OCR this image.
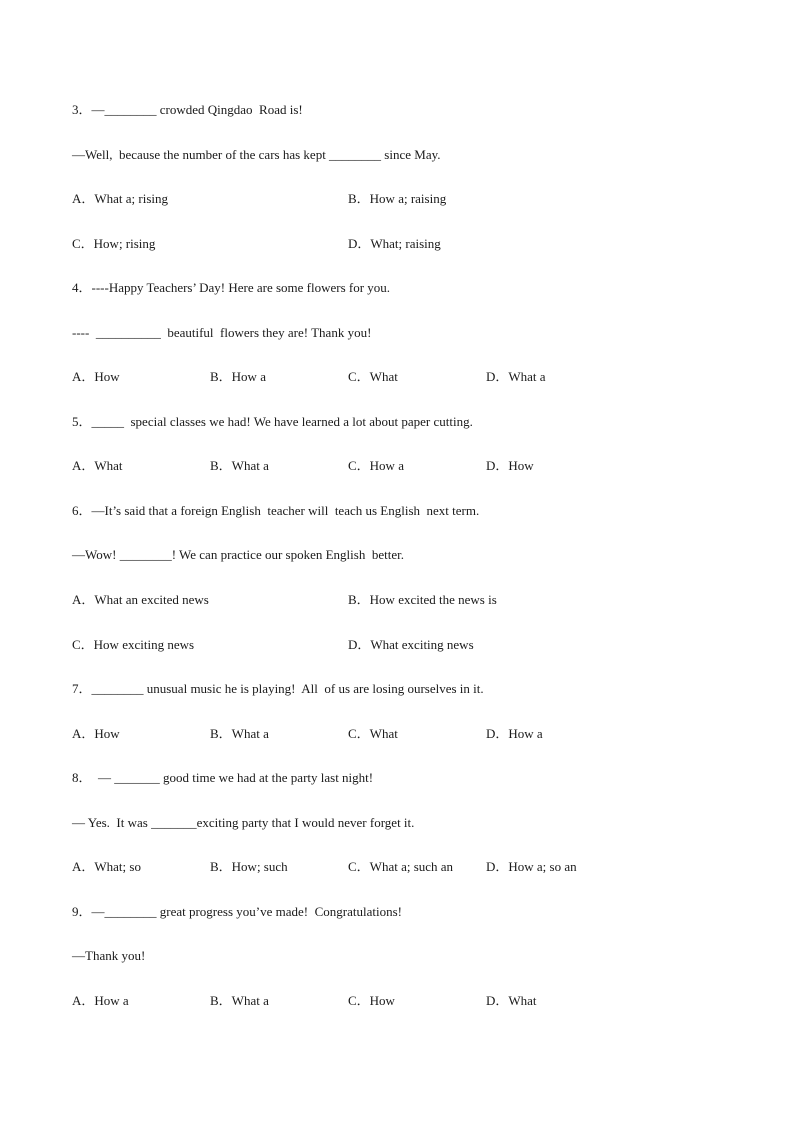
3．—________ crowded Qingdao  Road is!
—Well,  because the number of the cars has kept ________ since May.
A．What a; rising	B．How a; raising
C．How; rising	D．What; raising
4．----Happy Teachers’ Day! Here are some flowers for you.
----  __________  beautiful  flowers they are! Thank you!
A．How	B．How a	C．What	D．What a
5．_____  special classes we had! We have learned a lot about paper cutting.
A．What	B．What a	C．How a	D．How
6．—It’s said that a foreign English  teacher will  teach us English  next term.
—Wow! ________! We can practice our spoken English  better.
A．What an excited news	B．How excited the news is
C．How exciting news	D．What exciting news
7．________ unusual music he is playing!  All  of us are losing ourselves in it.
A．How	B．What a	C．What	D．How a
8．  — _______ good time we had at the party last night!
— Yes.  It was _______exciting party that I would never forget it.
A．What; so	B．How; such	C．What a; such an	D．How a; so an
9．—________ great progress you’ve made!  Congratulations!
—Thank you!
A．How a	B．What a	C．How	D．What
